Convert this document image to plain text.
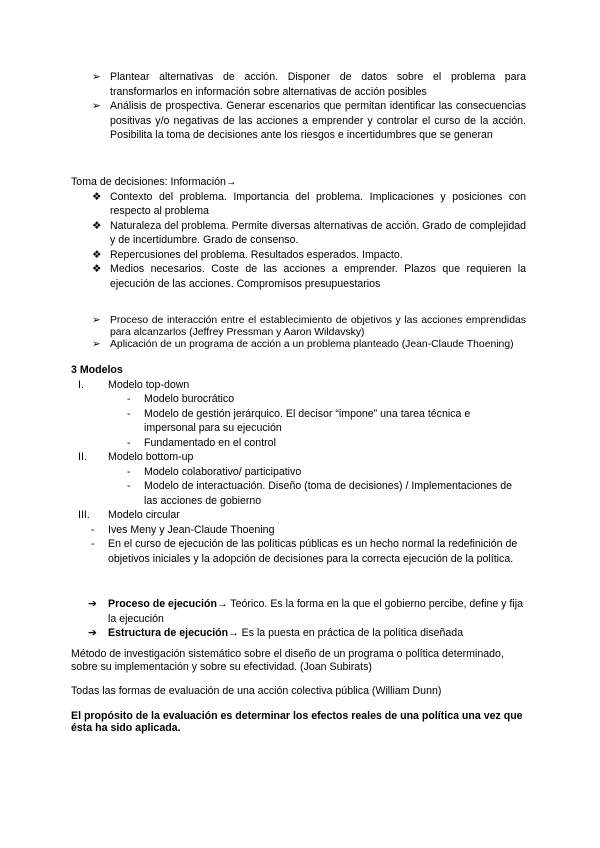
➢ Plantear alternativas de acción. Disponer de datos sobre el problema para transformarlos en información sobre alternativas de acción posibles
➢ Análisis de prospectiva. Generar escenarios que permitan identificar las consecuencias positivas y/o negativas de las acciones a emprender y controlar el curso de la acción. Posibilita la toma de decisiones ante los riesgos e incertidumbres que se generan
Toma de decisiones: Información→
❖ Contexto del problema. Importancia del problema. Implicaciones y posiciones con respecto al problema
❖ Naturaleza del problema. Permite diversas alternativas de acción. Grado de complejidad y de incertidumbre. Grado de consenso.
❖ Repercusiones del problema. Resultados esperados. Impacto.
❖ Medios necesarios. Coste de las acciones a emprender. Plazos que requieren la ejecución de las acciones. Compromisos presupuestarios
➢ Proceso de interacción entre el establecimiento de objetivos y las acciones emprendidas para alcanzarlos (Jeffrey Pressman y Aaron Wildavsky)
➢ Aplicación de un programa de acción a un problema planteado (Jean-Claude Thoening)
3 Modelos
I. Modelo top-down
- Modelo burocrático
- Modelo de gestión jerárquico. El decisor “impone” una tarea técnica e impersonal para su ejecución
- Fundamentado en el control
II. Modelo bottom-up
- Modelo colaborativo/ participativo
- Modelo de interactuación. Diseño (toma de decisiones) / Implementaciones de las acciones de gobierno
III. Modelo circular
- Ives Meny y Jean-Claude Thoening
- En el curso de ejecución de las políticas públicas es un hecho normal la redefinición de objetivos iniciales y la adopción de decisiones para la correcta ejecución de la política.
➔ Proceso de ejecución→ Teórico. Es la forma en la que el gobierno percibe, define y fija la ejecución
➔ Estructura de ejecución→ Es la puesta en práctica de la política diseñada
Método de investigación sistemático sobre el diseño de un programa o política determinado, sobre su implementación y sobre su efectividad. (Joan Subirats)
Todas las formas de evaluación de una acción colectiva pública (William Dunn)
El propósito de la evaluación es determinar los efectos reales de una política una vez que ésta ha sido aplicada.
